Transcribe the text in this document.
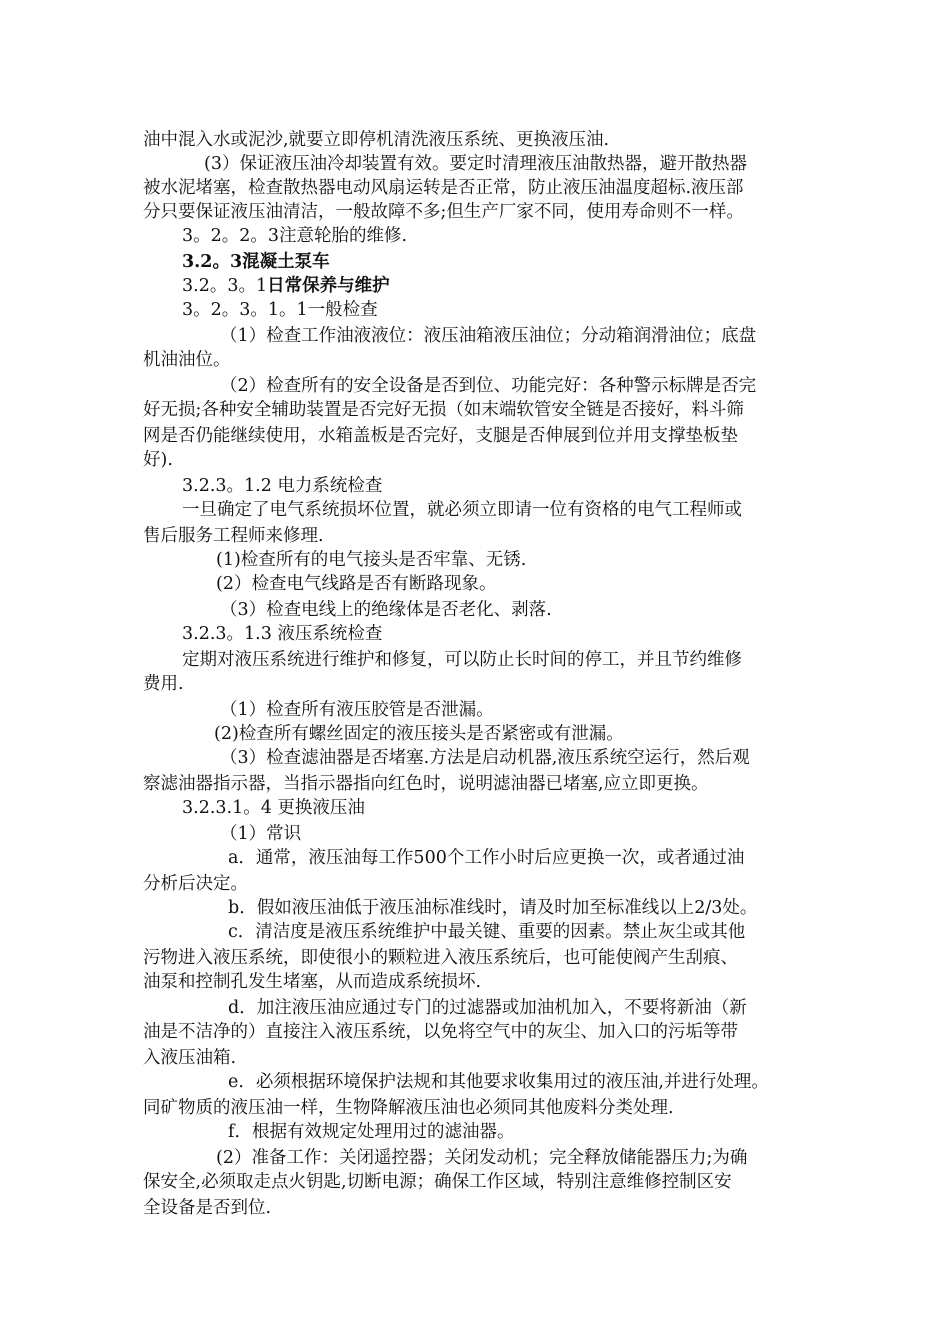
油中混入水或泥沙,就要立即停机清洗液压系统、更换液压油.
(3）保证液压油冷却装置有效。要定时清理液压油散热器，避开散热器
被水泥堵塞，检查散热器电动风扇运转是否正常，防止液压油温度超标.液压部
分只要保证液压油清洁，一般故障不多;但生产厂家不同，使用寿命则不一样。
3。2。2。3注意轮胎的维修.
3.2。3混凝土泵车
3.2。3。1日常保养与维护
3。2。3。1。1一般检查
（1）检查工作油液液位：液压油箱液压油位；分动箱润滑油位；底盘
机油油位。
（2）检查所有的安全设备是否到位、功能完好：各种警示标牌是否完
好无损;各种安全辅助装置是否完好无损（如末端软管安全链是否接好，料斗筛
网是否仍能继续使用，水箱盖板是否完好，支腿是否伸展到位并用支撑垫板垫
好).
3.2.3。1.2 电力系统检查
一旦确定了电气系统损坏位置，就必须立即请一位有资格的电气工程师或
售后服务工程师来修理.
(1)检查所有的电气接头是否牢靠、无锈.
(2）检查电气线路是否有断路现象。
（3）检查电线上的绝缘体是否老化、剥落.
3.2.3。1.3 液压系统检查
定期对液压系统进行维护和修复，可以防止长时间的停工，并且节约维修
费用.
（1）检查所有液压胶管是否泄漏。
(2)检查所有螺丝固定的液压接头是否紧密或有泄漏。
（3）检查滤油器是否堵塞.方法是启动机器,液压系统空运行，然后观
察滤油器指示器，当指示器指向红色时，说明滤油器已堵塞,应立即更换。
3.2.3.1。4 更换液压油
（1）常识
a．通常，液压油每工作500个工作小时后应更换一次，或者通过油
分析后决定。
b．假如液压油低于液压油标准线时，请及时加至标准线以上2/3处。
c．清洁度是液压系统维护中最关键、重要的因素。禁止灰尘或其他
污物进入液压系统，即使很小的颗粒进入液压系统后，也可能使阀产生刮痕、
油泵和控制孔发生堵塞，从而造成系统损坏.
d．加注液压油应通过专门的过滤器或加油机加入，不要将新油（新
油是不洁净的）直接注入液压系统，以免将空气中的灰尘、加入口的污垢等带
入液压油箱.
e．必须根据环境保护法规和其他要求收集用过的液压油,并进行处理。
同矿物质的液压油一样，生物降解液压油也必须同其他废料分类处理.
f．根据有效规定处理用过的滤油器。
(2）准备工作：关闭遥控器；关闭发动机；完全释放储能器压力;为确
保安全,必须取走点火钥匙,切断电源；确保工作区域，特别注意维修控制区安
全设备是否到位.
